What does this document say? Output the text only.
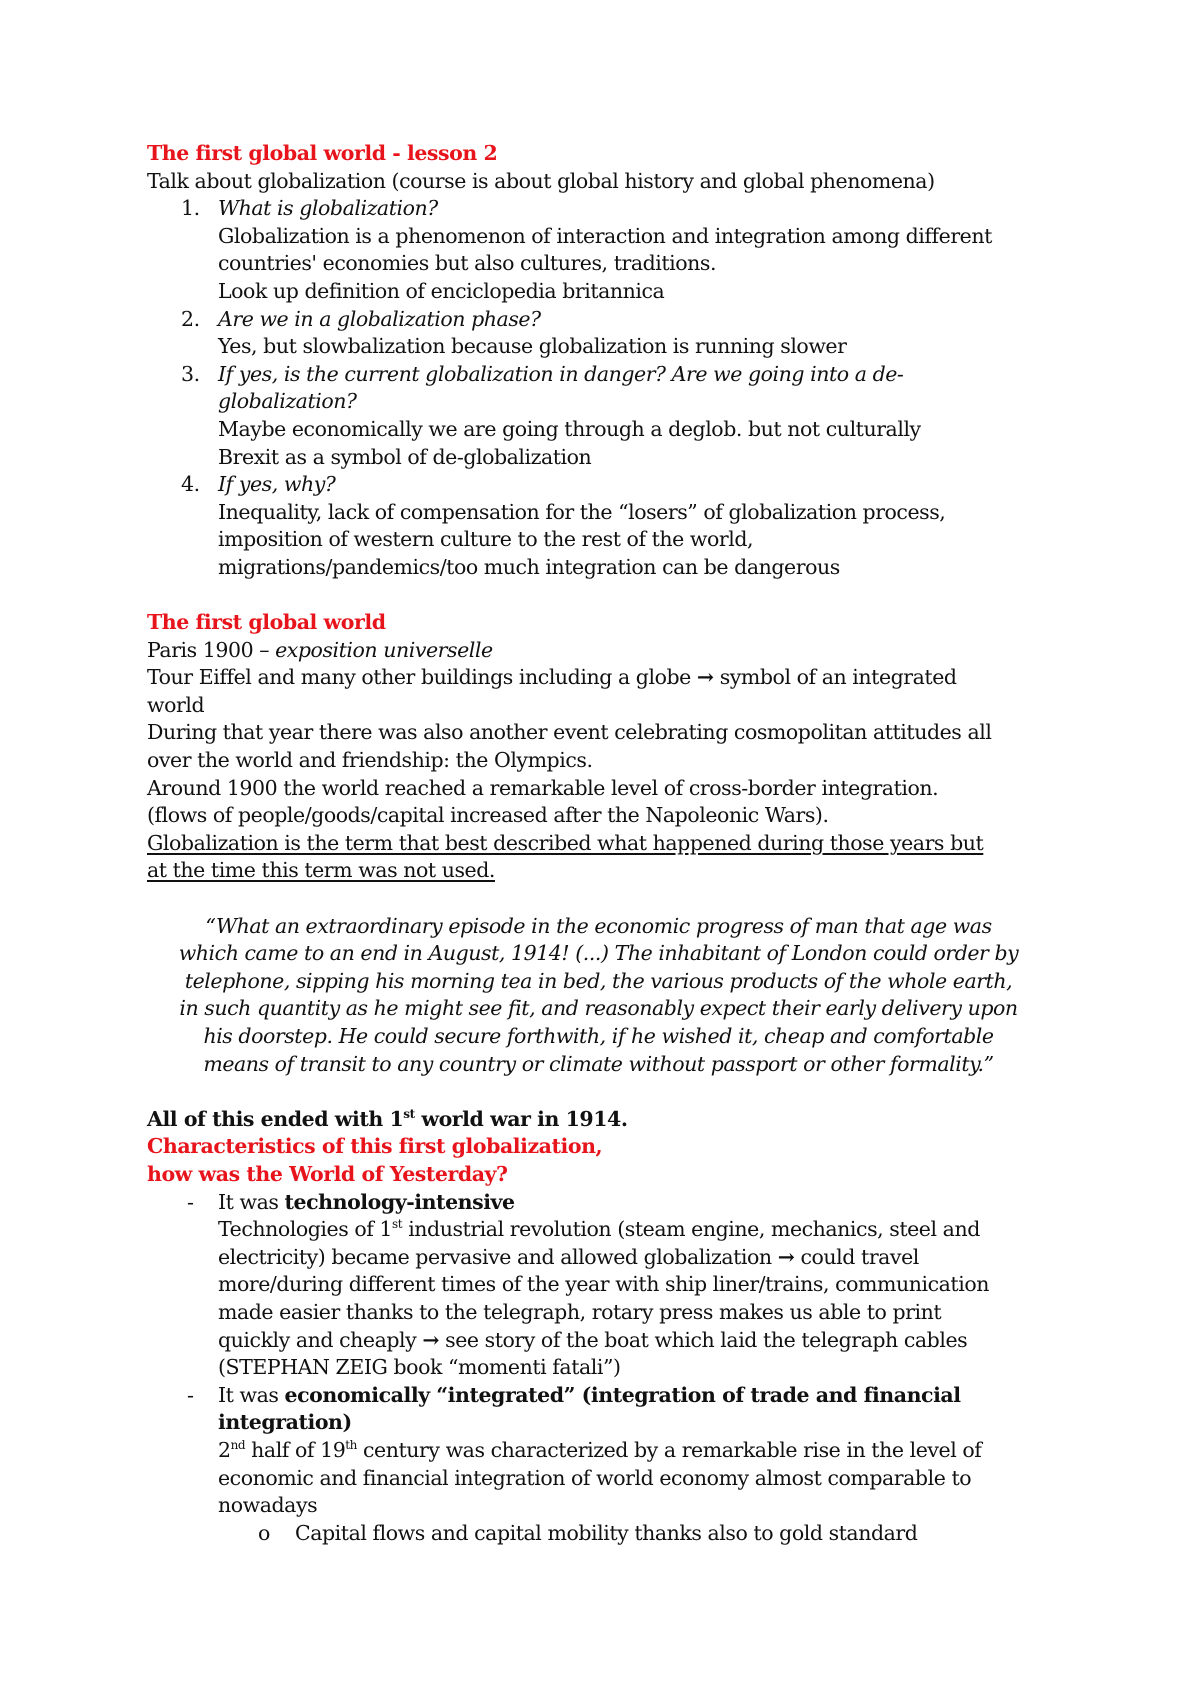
The first global world - lesson 2
Talk about globalization (course is about global history and global phenomena)
1. What is globalization?
Globalization is a phenomenon of interaction and integration among different
countries' economies but also cultures, traditions.
Look up definition of enciclopedia britannica
2. Are we in a globalization phase?
Yes, but slowbalization because globalization is running slower
3. If yes, is the current globalization in danger? Are we going into a de-
globalization?
Maybe economically we are going through a deglob. but not culturally
Brexit as a symbol of de-globalization
4. If yes, why?
Inequality, lack of compensation for the “losers” of globalization process,
imposition of western culture to the rest of the world,
migrations/pandemics/too much integration can be dangerous
The first global world
Paris 1900 – exposition universelle
Tour Eiffel and many other buildings including a globe → symbol of an integrated
world
During that year there was also another event celebrating cosmopolitan attitudes all
over the world and friendship: the Olympics.
Around 1900 the world reached a remarkable level of cross-border integration.
(flows of people/goods/capital increased after the Napoleonic Wars).
Globalization is the term that best described what happened during those years but
at the time this term was not used.
“What an extraordinary episode in the economic progress of man that age was
which came to an end in August, 1914! (...) The inhabitant of London could order by
telephone, sipping his morning tea in bed, the various products of the whole earth,
in such quantity as he might see fit, and reasonably expect their early delivery upon
his doorstep. He could secure forthwith, if he wished it, cheap and comfortable
means of transit to any country or climate without passport or other formality.”
All of this ended with 1st world war in 1914.
Characteristics of this first globalization,
how was the World of Yesterday?
- It was technology-intensive
Technologies of 1st industrial revolution (steam engine, mechanics, steel and
electricity) became pervasive and allowed globalization → could travel
more/during different times of the year with ship liner/trains, communication
made easier thanks to the telegraph, rotary press makes us able to print
quickly and cheaply → see story of the boat which laid the telegraph cables
(STEPHAN ZEIG book “momenti fatali”)
- It was economically “integrated” (integration of trade and financial
integration)
2nd half of 19th century was characterized by a remarkable rise in the level of
economic and financial integration of world economy almost comparable to
nowadays
o Capital flows and capital mobility thanks also to gold standard
